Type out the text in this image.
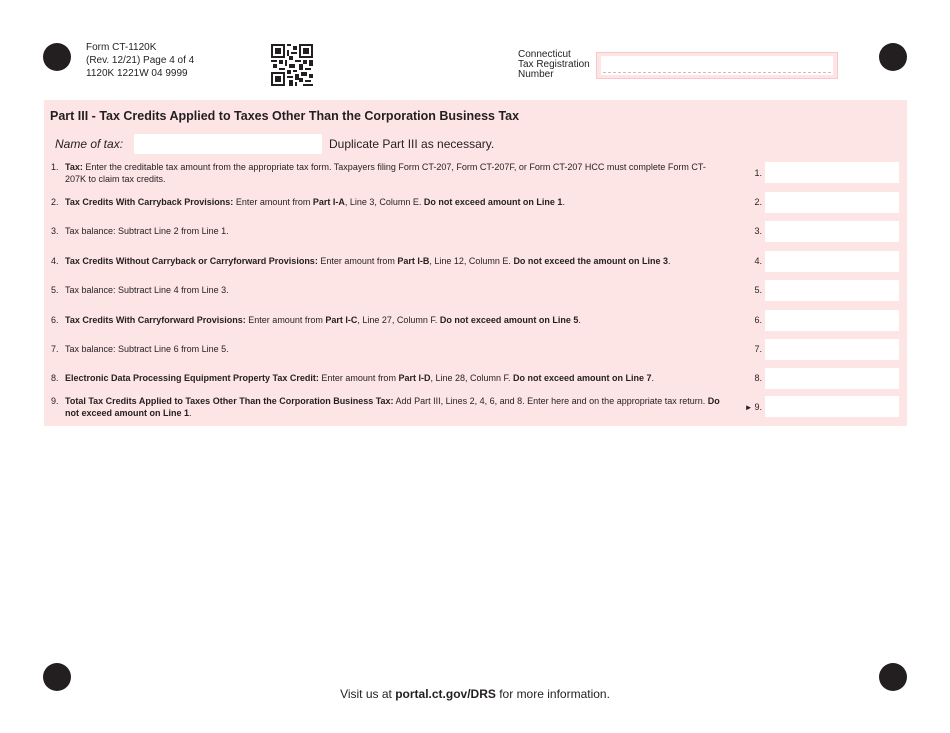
Form CT-1120K
(Rev. 12/21) Page 4 of 4
1120K 1221W 04 9999
Connecticut
Tax Registration
Number
Part III - Tax Credits Applied to Taxes Other Than the Corporation Business Tax
Name of tax:	Duplicate Part III as necessary.
1. Tax: Enter the creditable tax amount from the appropriate tax form. Taxpayers filing Form CT-207, Form CT-207F, or Form CT-207 HCC must complete Form CT-207K to claim tax credits.
1.
2. Tax Credits With Carryback Provisions: Enter amount from Part I-A, Line 3, Column E. Do not exceed amount on Line 1.	2.
3. Tax balance: Subtract Line 2 from Line 1.	3.
4. Tax Credits Without Carryback or Carryforward Provisions: Enter amount from Part I-B, Line 12, Column E. Do not exceed the amount on Line 3.	4.
5. Tax balance: Subtract Line 4 from Line 3.	5.
6. Tax Credits With Carryforward Provisions: Enter amount from Part I-C, Line 27, Column F. Do not exceed amount on Line 5.	6.
7. Tax balance: Subtract Line 6 from Line 5.	7.
8. Electronic Data Processing Equipment Property Tax Credit: Enter amount from Part I-D, Line 28, Column F. Do not exceed amount on Line 7.	8.
9. Total Tax Credits Applied to Taxes Other Than the Corporation Business Tax: Add Part III, Lines 2, 4, 6, and 8. Enter here and on the appropriate tax return. Do not exceed amount on Line 1.	► 9.
Visit us at portal.ct.gov/DRS for more information.
